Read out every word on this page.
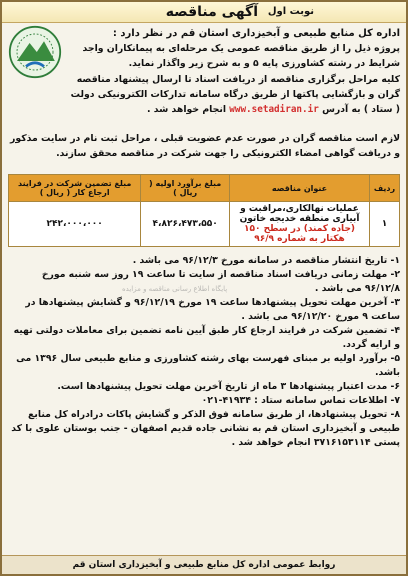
آگهی مناقصه نوبت اول
اداره کل منابع طبیعی و آبخیزداری استان قم در نظر دارد :
پروژه ذیل را از طریق مناقصه عمومی یک مرحله‌ای به پیمانکاران واجد شرایط در رشته کشاورزی پایه ۵ و به شرح زیر واگذار نماید.
کلیه مراحل برگزاری مناقصه از دریافت اسناد تا ارسال پیشنهاد مناقصه گران و بازگشایی پاکتها از طریق درگاه سامانه تدارکات الکترونیکی دولت ( ستاد ) به آدرس www.setadiran.ir انجام خواهد شد .
لازم است مناقصه گران در صورت عدم عضویت قبلی ، مراحل ثبت نام در سایت مذکور و دریافت گواهی امضاء الکترونیکی را جهت شرکت در مناقصه محقق سازند.
ردیف	عنوان مناقصه	مبلغ برآورد اولیه ( ریال )	مبلغ تضمین شرکت در فرایند ارجاع کار ( ریال )
۱	عملیات نهالکاری،مراقبت و آبیاری منطقه خدیجه خاتون
(جاده کمند) در سطح ۱۵۰ هکتار به شماره ۹۶/۹	۴،۸۲۶،۴۷۳،۵۵۰	۲۴۲،۰۰۰،۰۰۰
۱- تاریخ انتشار مناقصه در سامانه مورخ ۹۶/۱۲/۳ می باشد .
۲- مهلت زمانی دریافت اسناد مناقصه از سایت تا ساعت ۱۹ روز سه شنبه مورخ ۹۶/۱۲/۸ می باشد .
۳- آخرین مهلت تحویل پیشنهادها ساعت ۱۹ مورخ ۹۶/۱۲/۱۹ و گشایش پیشنهادها در ساعت ۹ مورخ ۹۶/۱۲/۲۰ می باشد .
۴- تضمین شرکت در فرایند ارجاع کار طبق آیین نامه تضمین برای معاملات دولتی تهیه و ارایه گردد.
۵- برآورد اولیه بر مبنای فهرست بهای رشته کشاورزی و منابع طبیعی سال ۱۳۹۶ می باشد.
۶- مدت اعتبار پیشنهادها ۳ ماه از تاریخ آخرین مهلت تحویل پیشنهادها است.
۷- اطلاعات تماس سامانه ستاد : ۴۱۹۳۴-۰۲۱
۸- تحویل پیشنهادها، از طریق سامانه فوق الذکر و گشایش پاکات درادراه کل منابع طبیعی و آبخیزداری استان قم به نشانی جاده قدیم اصفهان - جنب بوستان علوی با کد پستی ۳۷۱۶۱۵۳۱۱۴ انجام خواهد شد .
پایگاه اطلاع رسانی مناقصه و مزایده
روابط عمومی اداره کل منابع طبیعی و آبخیزداری استان قم
